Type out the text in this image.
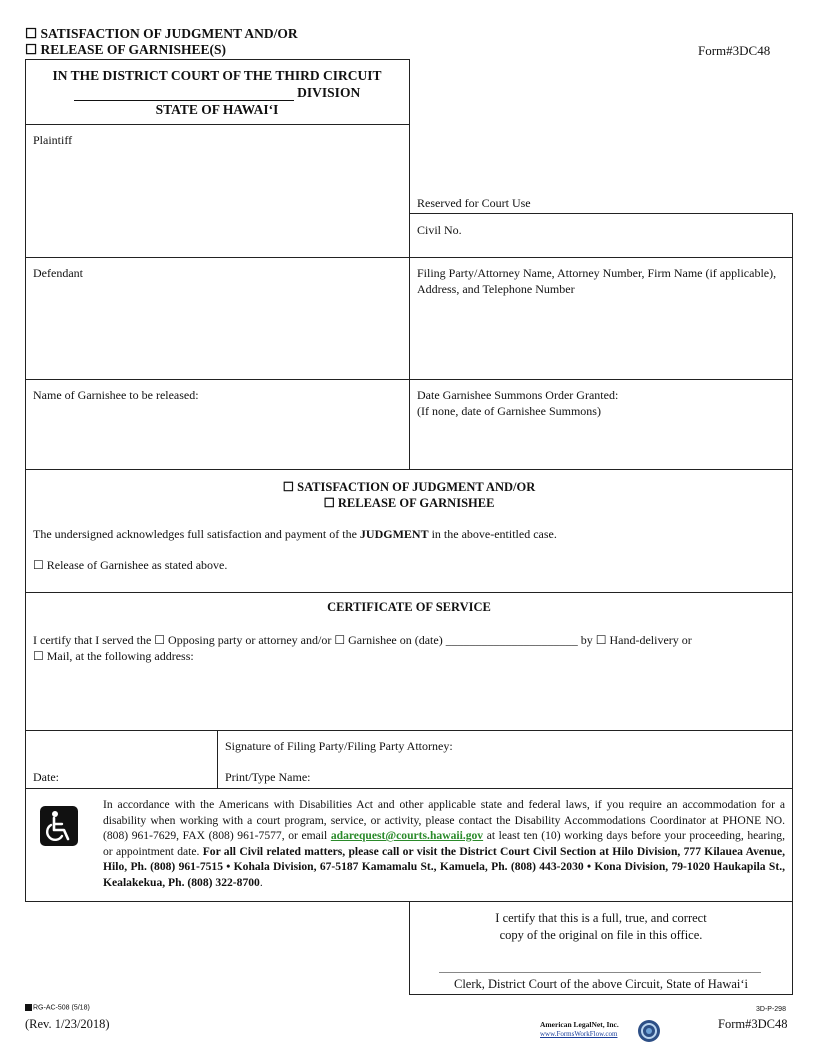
☐ SATISFACTION OF JUDGMENT AND/OR
☐ RELEASE OF GARNISHEE(S)	Form#3DC48
IN THE DISTRICT COURT OF THE THIRD CIRCUIT
DIVISION
STATE OF HAWAI‘I
Plaintiff
Reserved for Court Use
Civil No.
Defendant	Filing Party/Attorney Name, Attorney Number, Firm Name (if applicable), Address, and Telephone Number
Name of Garnishee to be released:	Date Garnishee Summons Order Granted:
(If none, date of Garnishee Summons)
☐ SATISFACTION OF JUDGMENT AND/OR
☐ RELEASE OF GARNISHEE
The undersigned acknowledges full satisfaction and payment of the JUDGMENT in the above-entitled case.
☐ Release of Garnishee as stated above.
CERTIFICATE OF SERVICE
I certify that I served the ☐ Opposing party or attorney and/or ☐ Garnishee on (date) ______________________ by ☐ Hand-delivery or
☐ Mail, at the following address:
Date:
Signature of Filing Party/Filing Party Attorney:
Print/Type Name:
In accordance with the Americans with Disabilities Act and other applicable state and federal laws, if you require an accommodation for a disability when working with a court program, service, or activity, please contact the Disability Accommodations Coordinator at PHONE NO. (808) 961-7629, FAX (808) 961-7577, or email adarequest@courts.hawaii.gov at least ten (10) working days before your proceeding, hearing, or appointment date. For all Civil related matters, please call or visit the District Court Civil Section at Hilo Division, 777 Kilauea Avenue, Hilo, Ph. (808) 961-7515 • Kohala Division, 67-5187 Kamamalu St., Kamuela, Ph. (808) 443-2030 • Kona Division, 79-1020 Haukapila St., Kealakekua, Ph. (808) 322-8700.
I certify that this is a full, true, and correct
copy of the original on file in this office.
Clerk, District Court of the above Circuit, State of Hawai‘i
RG-AC-508 (5/18)
(Rev. 1/23/2018)
3D-P-298
Form#3DC48
American LegalNet, Inc.
www.FormsWorkFlow.com
